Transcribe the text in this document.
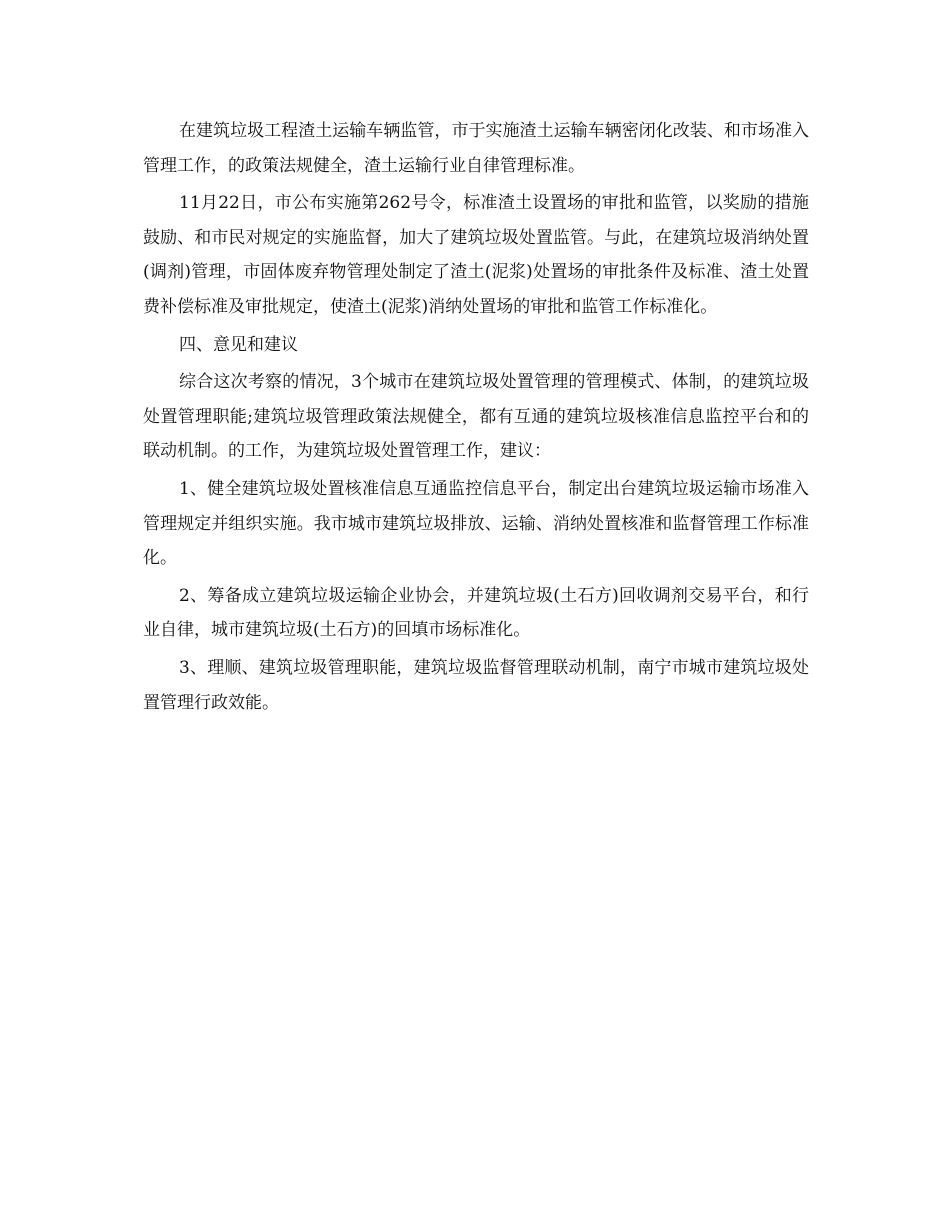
在建筑垃圾工程渣土运输车辆监管，市于实施渣土运输车辆密闭化改装、和市场准入管理工作，的政策法规健全，渣土运输行业自律管理标准。

11月22日，市公布实施第262号令，标准渣土设置场的审批和监管，以奖励的措施鼓励、和市民对规定的实施监督，加大了建筑垃圾处置监管。与此，在建筑垃圾消纳处置(调剂)管理，市固体废弃物管理处制定了渣土(泥浆)处置场的审批条件及标准、渣土处置费补偿标准及审批规定，使渣土(泥浆)消纳处置场的审批和监管工作标准化。

四、意见和建议

综合这次考察的情况，3个城市在建筑垃圾处置管理的管理模式、体制，的建筑垃圾处置管理职能;建筑垃圾管理政策法规健全，都有互通的建筑垃圾核准信息监控平台和的联动机制。的工作，为建筑垃圾处置管理工作，建议：

1、健全建筑垃圾处置核准信息互通监控信息平台，制定出台建筑垃圾运输市场准入管理规定并组织实施。我市城市建筑垃圾排放、运输、消纳处置核准和监督管理工作标准化。

2、筹备成立建筑垃圾运输企业协会，并建筑垃圾(土石方)回收调剂交易平台，和行业自律，城市建筑垃圾(土石方)的回填市场标准化。

3、理顺、建筑垃圾管理职能，建筑垃圾监督管理联动机制，南宁市城市建筑垃圾处置管理行政效能。
